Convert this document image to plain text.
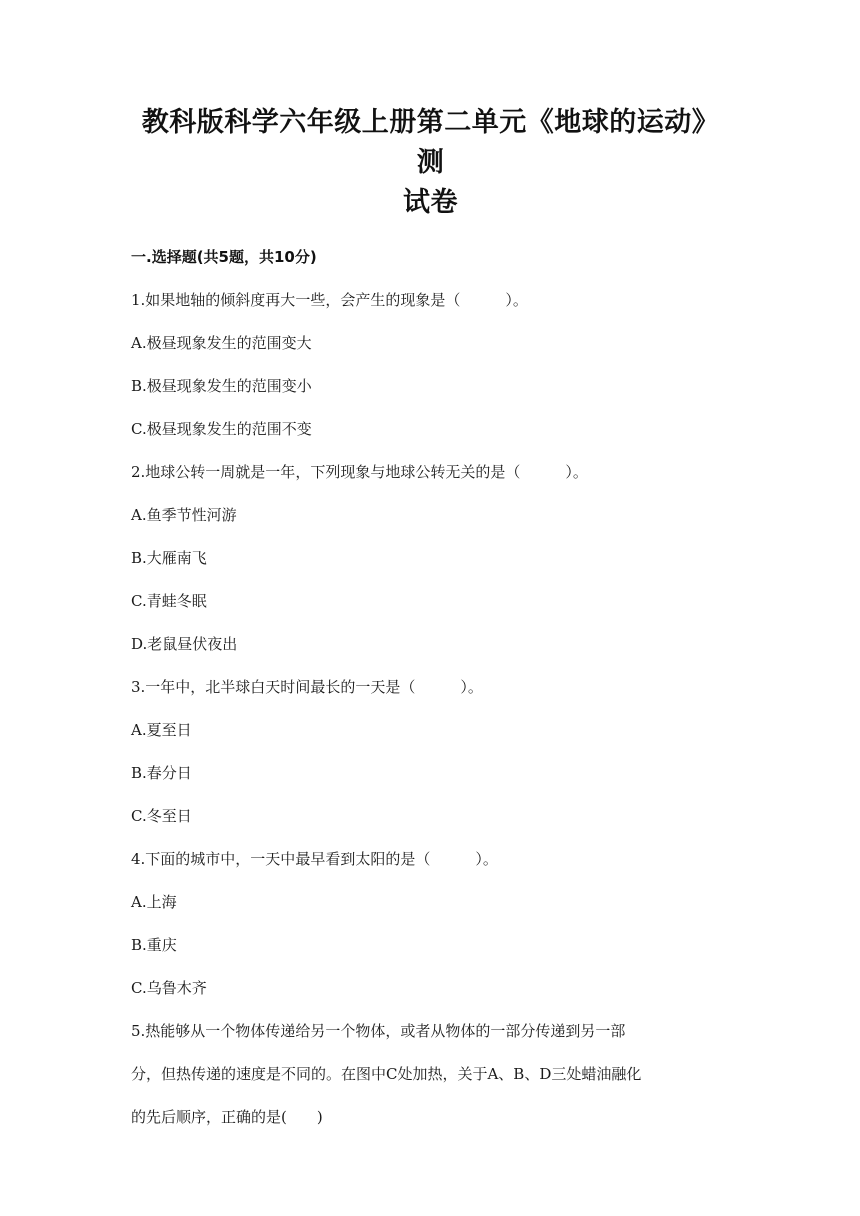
教科版科学六年级上册第二单元《地球的运动》测
试卷
一.选择题(共5题，共10分)
1.如果地轴的倾斜度再大一些，会产生的现象是（　　　）。
A.极昼现象发生的范围变大
B.极昼现象发生的范围变小
C.极昼现象发生的范围不变
2.地球公转一周就是一年，下列现象与地球公转无关的是（　　　）。
A.鱼季节性河游
B.大雁南飞
C.青蛙冬眠
D.老鼠昼伏夜出
3.一年中，北半球白天时间最长的一天是（　　　）。
A.夏至日
B.春分日
C.冬至日
4.下面的城市中，一天中最早看到太阳的是（　　　）。
A.上海
B.重庆
C.乌鲁木齐
5.热能够从一个物体传递给另一个物体，或者从物体的一部分传递到另一部
分，但热传递的速度是不同的。在图中C处加热，关于A、B、D三处蜡油融化
的先后顺序，正确的是(　　)
